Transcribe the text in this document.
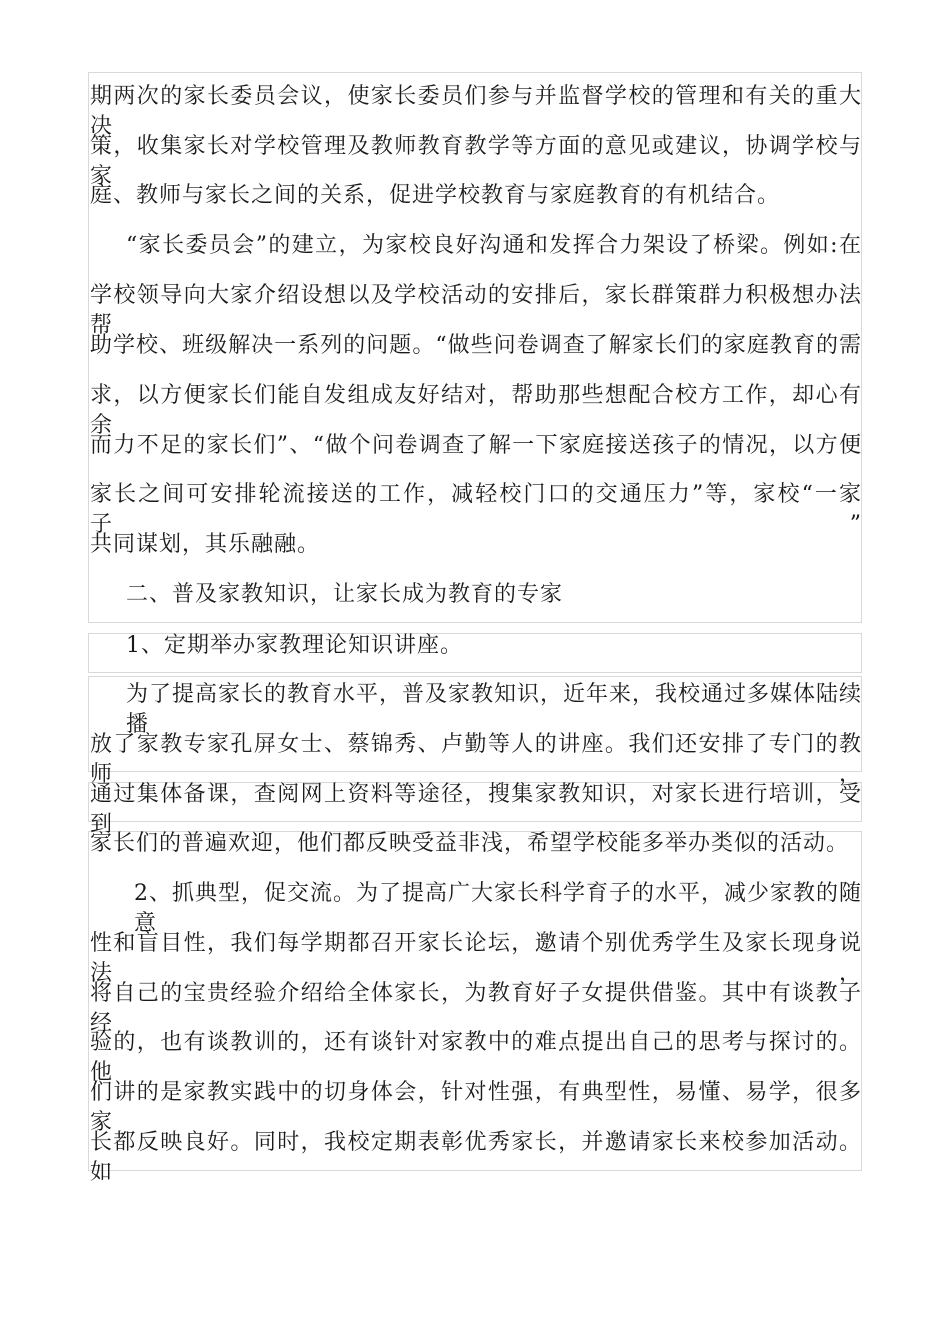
期两次的家长委员会议，使家长委员们参与并监督学校的管理和有关的重大决
策，收集家长对学校管理及教师教育教学等方面的意见或建议，协调学校与家
庭、教师与家长之间的关系，促进学校教育与家庭教育的有机结合。
“家长委员会”的建立，为家校良好沟通和发挥合力架设了桥梁。例如:在
学校领导向大家介绍设想以及学校活动的安排后，家长群策群力积极想办法帮
助学校、班级解决一系列的问题。“做些问卷调查了解家长们的家庭教育的需
求，以方便家长们能自发组成友好结对，帮助那些想配合校方工作，却心有余
而力不足的家长们”、“做个问卷调查了解一下家庭接送孩子的情况，以方便
家长之间可安排轮流接送的工作，减轻校门口的交通压力”等，家校“一家子”
共同谋划，其乐融融。
二、普及家教知识，让家长成为教育的专家
1、定期举办家教理论知识讲座。
为了提高家长的教育水平，普及家教知识，近年来，我校通过多媒体陆续播
放了家教专家孔屏女士、蔡锦秀、卢勤等人的讲座。我们还安排了专门的教师，
通过集体备课，查阅网上资料等途径，搜集家教知识，对家长进行培训，受到
家长们的普遍欢迎，他们都反映受益非浅，希望学校能多举办类似的活动。
2、抓典型，促交流。为了提高广大家长科学育子的水平，减少家教的随意
性和盲目性，我们每学期都召开家长论坛，邀请个别优秀学生及家长现身说法，
将自己的宝贵经验介绍给全体家长，为教育好子女提供借鉴。其中有谈教子经
验的，也有谈教训的，还有谈针对家教中的难点提出自己的思考与探讨的。他
们讲的是家教实践中的切身体会，针对性强，有典型性，易懂、易学，很多家
长都反映良好。同时，我校定期表彰优秀家长，并邀请家长来校参加活动。如
